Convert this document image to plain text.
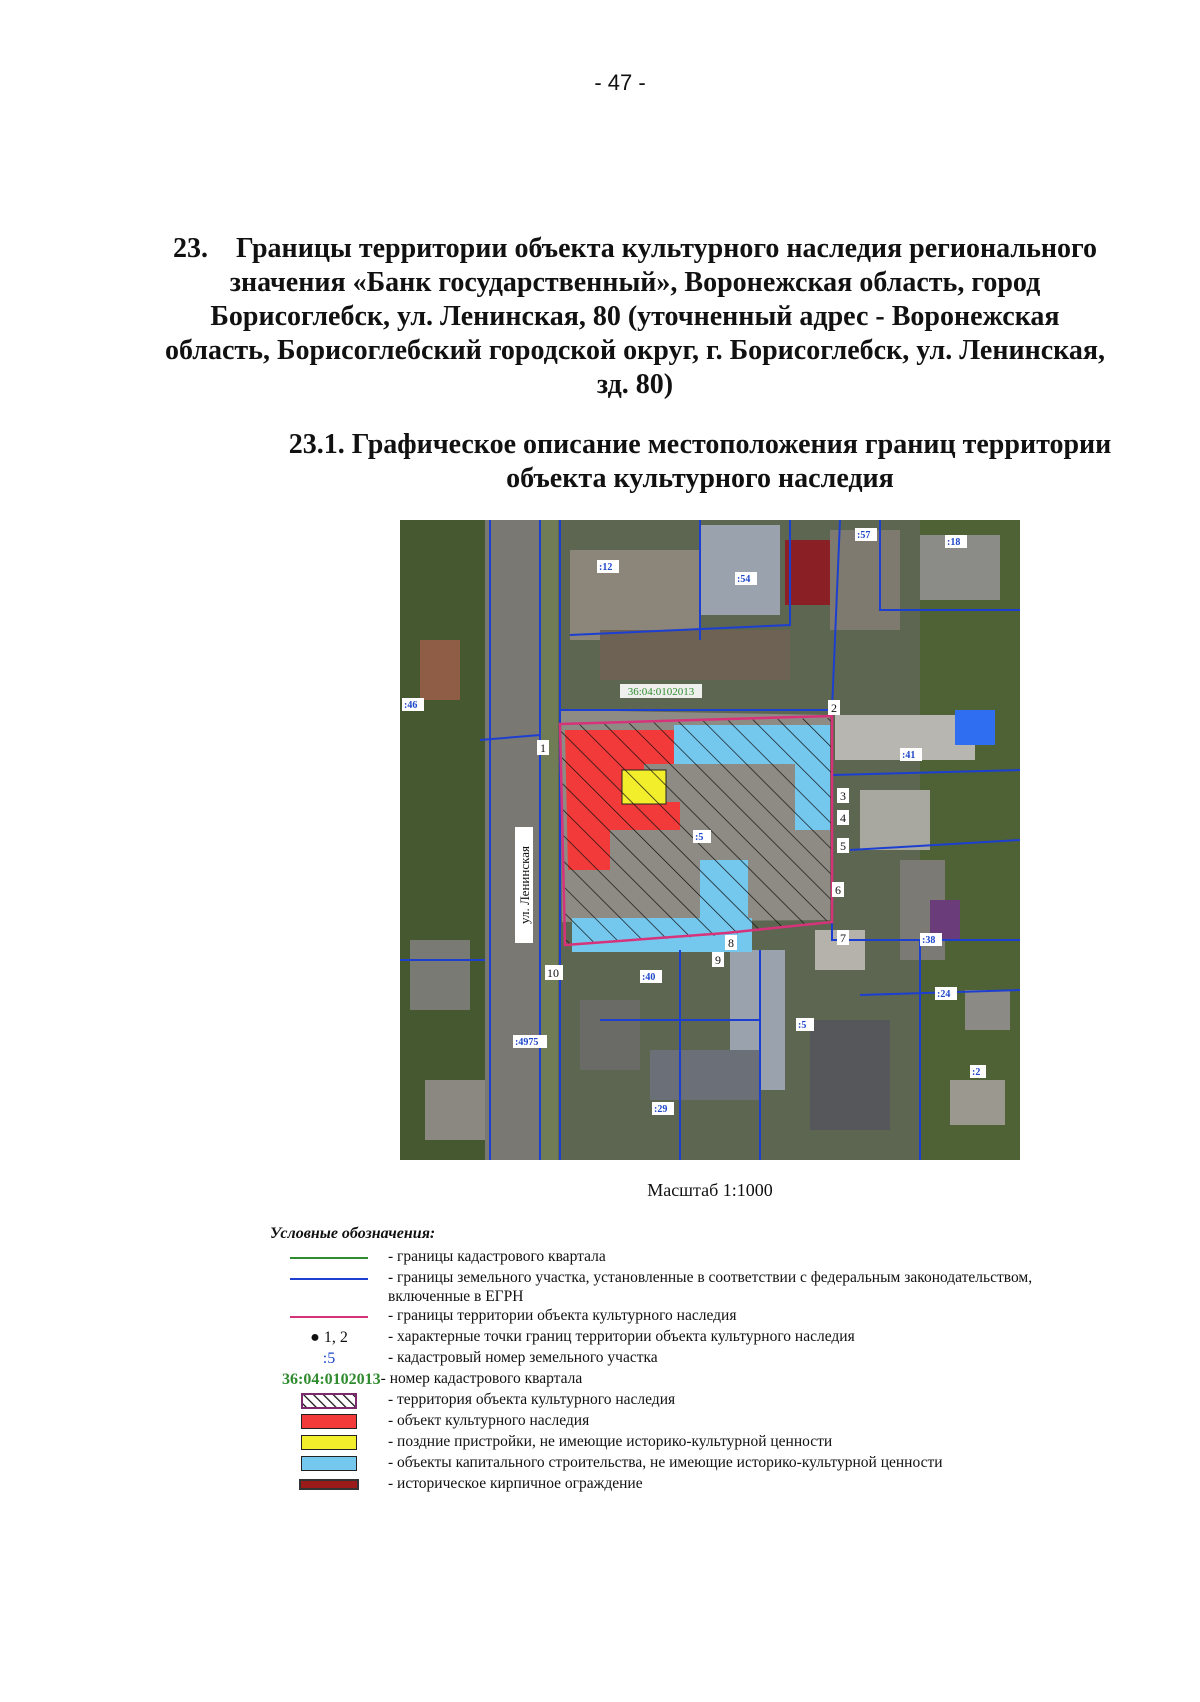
- 47 -
23. Границы территории объекта культурного наследия регионального значения «Банк государственный», Воронежская область, город Борисоглебск, ул. Ленинская, 80 (уточненный адрес - Воронежская область, Борисоглебский городской округ, г. Борисоглебск, ул. Ленинская, зд. 80)
23.1. Графическое описание местоположения границ территории объекта культурного наследия
36:04:0102013
ул. Ленинская
:12
:54
:57
:18
:46
:41
:5
:38
:24
:40
:4975
:5
:2
:29
1
2
3
4
5
6
7
8
9
10
Масштаб 1:1000
Условные обозначения:
- границы кадастрового квартала
- границы земельного участка, установленные в соответствии с федеральным законодательством, включенные в ЕГРН
- границы территории объекта культурного наследия
● 1, 2	- характерные точки границ территории объекта культурного наследия
:5	- кадастровый номер земельного участка
36:04:0102013 - номер кадастрового квартала
- территория объекта культурного наследия
- объект культурного наследия
- поздние пристройки, не имеющие историко-культурной ценности
- объекты капитального строительства, не имеющие историко-культурной ценности
- историческое кирпичное ограждение
